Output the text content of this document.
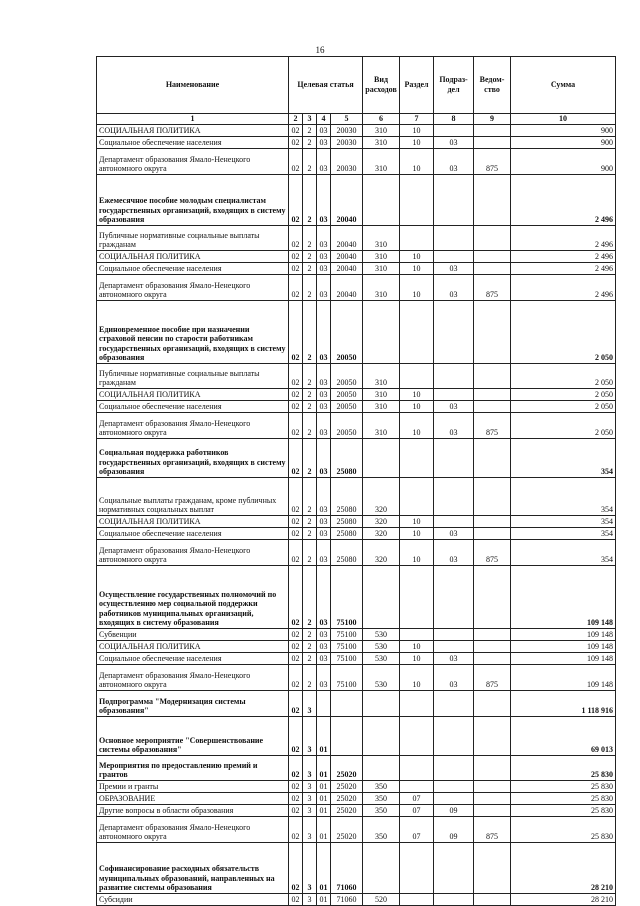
16
Наименование	Целевая статья				Вид расходов	Раздел	Подраз-дел	Ведом-ство	Сумма
1	2	3	4	5	6	7	8	9	10
СОЦИАЛЬНАЯ ПОЛИТИКА	02	2	03	20030	310	10			900
Социальное обеспечение населения	02	2	03	20030	310	10	03		900
Департамент образования Ямало-Ненецкого автономного округа	02	2	03	20030	310	10	03	875	900
Ежемесячное пособие молодым специалистам государственных организаций, входящих в систему образования	02	2	03	20040					2 496
Публичные нормативные социальные выплаты гражданам	02	2	03	20040	310				2 496
СОЦИАЛЬНАЯ ПОЛИТИКА	02	2	03	20040	310	10			2 496
Социальное обеспечение населения	02	2	03	20040	310	10	03		2 496
Департамент образования Ямало-Ненецкого автономного округа	02	2	03	20040	310	10	03	875	2 496
Единовременное пособие при назначении страховой пенсии по старости работникам государственных организаций, входящих в систему образования	02	2	03	20050					2 050
Публичные нормативные социальные выплаты гражданам	02	2	03	20050	310				2 050
СОЦИАЛЬНАЯ ПОЛИТИКА	02	2	03	20050	310	10			2 050
Социальное обеспечение населения	02	2	03	20050	310	10	03		2 050
Департамент образования Ямало-Ненецкого автономного округа	02	2	03	20050	310	10	03	875	2 050
Социальная поддержка работников государственных организаций, входящих в систему образования	02	2	03	25080					354
Социальные выплаты гражданам, кроме публичных нормативных социальных выплат	02	2	03	25080	320				354
СОЦИАЛЬНАЯ ПОЛИТИКА	02	2	03	25080	320	10			354
Социальное обеспечение населения	02	2	03	25080	320	10	03		354
Департамент образования Ямало-Ненецкого автономного округа	02	2	03	25080	320	10	03	875	354
Осуществление государственных полномочий по осуществлению мер социальной поддержки работников муниципальных организаций, входящих в систему образования	02	2	03	75100					109 148
Субвенции	02	2	03	75100	530				109 148
СОЦИАЛЬНАЯ ПОЛИТИКА	02	2	03	75100	530	10			109 148
Социальное обеспечение населения	02	2	03	75100	530	10	03		109 148
Департамент образования Ямало-Ненецкого автономного округа	02	2	03	75100	530	10	03	875	109 148
Подпрограмма "Модернизация системы образования"	02	3							1 118 916
Основное мероприятие "Совершенствование системы образования"	02	3	01						69 013
Мероприятия по предоставлению премий и грантов	02	3	01	25020					25 830
Премии и гранты	02	3	01	25020	350				25 830
ОБРАЗОВАНИЕ	02	3	01	25020	350	07			25 830
Другие вопросы в области образования	02	3	01	25020	350	07	09		25 830
Департамент образования Ямало-Ненецкого автономного округа	02	3	01	25020	350	07	09	875	25 830
Софинансирование расходных обязательств муниципальных образований, направленных на развитие системы образования	02	3	01	71060					28 210
Субсидии	02	3	01	71060	520				28 210
